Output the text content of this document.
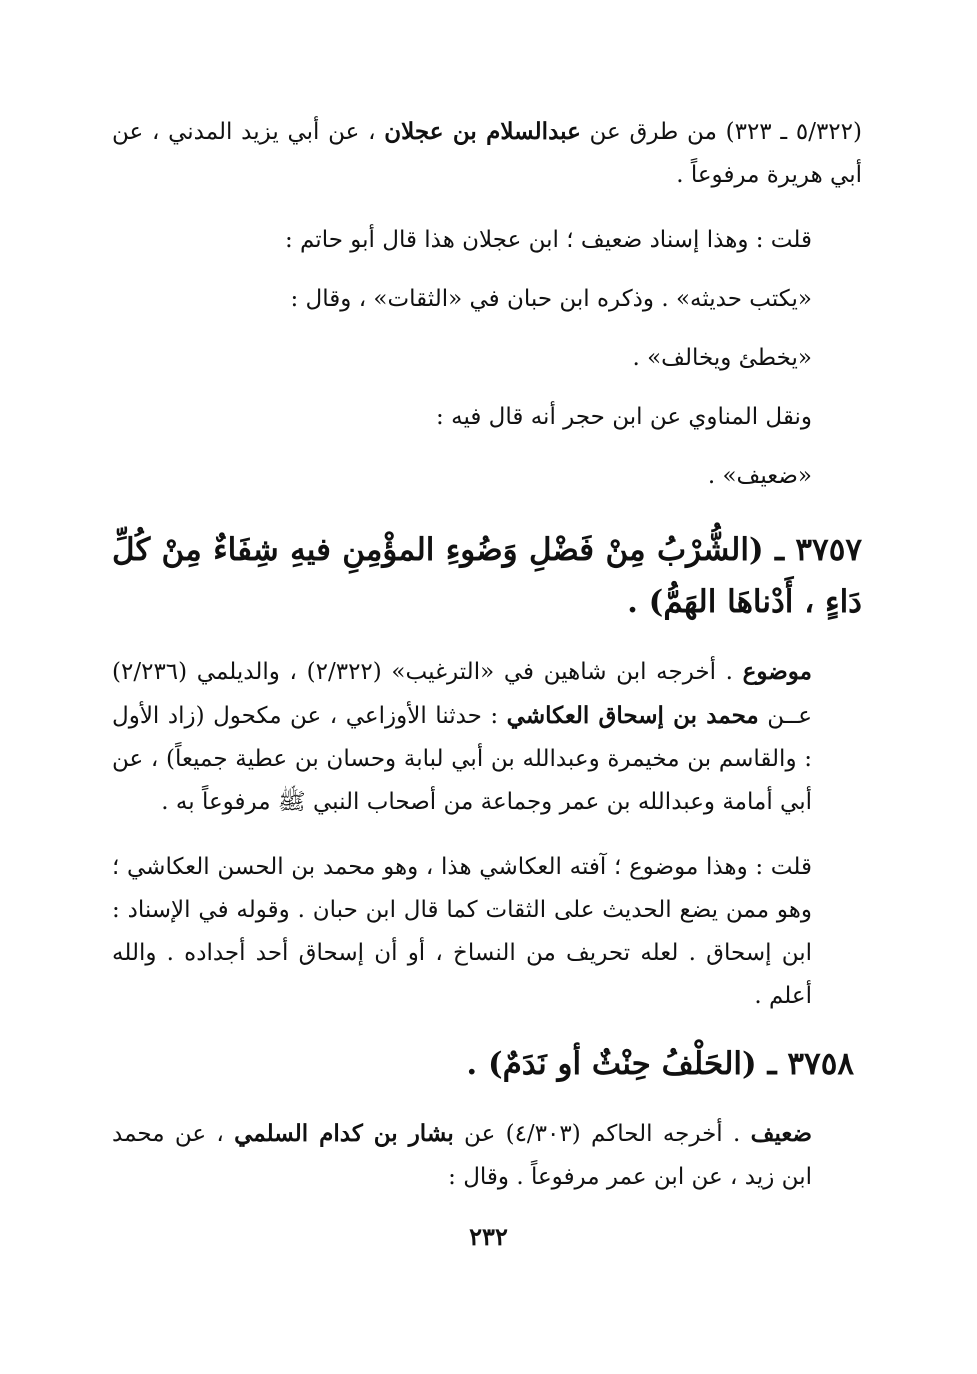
(٥/٣٢٢ ـ ٣٢٣) من طرق عن عبدالسلام بن عجلان ، عن أبي يزيد المدني ، عن أبي هريرة مرفوعاً .

قلت : وهذا إسناد ضعيف ؛ ابن عجلان هذا قال أبو حاتم :

«يكتب حديثه» . وذكره ابن حبان في «الثقات» ، وقال :

«يخطئ ويخالف» .

ونقل المناوي عن ابن حجر أنه قال فيه :

«ضعيف» .

٣٧٥٧ ـ (الشُّرْبُ مِنْ فَضْلِ وَضُوءِ المؤْمِنِ فيهِ شِفَاءٌ مِنْ كُلِّ دَاءٍ ، أَدْناهَا الهَمُّ) .

موضوع . أخرجه ابن شاهين في «الترغيب» (٢/٣٢٢) ، والديلمي (٢/٢٣٦) عــن محمد بن إسحاق العكاشي : حدثنا الأوزاعي ، عن مكحول (زاد الأول : والقاسم بن مخيمرة وعبدالله بن أبي لبابة وحسان بن عطية جميعاً) ، عن أبي أمامة وعبدالله بن عمر وجماعة من أصحاب النبي ﷺ مرفوعاً به .

قلت : وهذا موضوع ؛ آفته العكاشي هذا ، وهو محمد بن الحسن العكاشي ؛ وهو ممن يضع الحديث على الثقات كما قال ابن حبان . وقوله في الإسناد : ابن إسحاق . لعله تحريف من النساخ ، أو أن إسحاق أحد أجداده . والله أعلم .

٣٧٥٨ ـ (الحَلْفُ حِنْثٌ أو نَدَمٌ) .

ضعيف . أخرجه الحاكم (٤/٣٠٣) عن بشار بن كدام السلمي ، عن محمد ابن زيد ، عن ابن عمر مرفوعاً . وقال :

٢٣٢
